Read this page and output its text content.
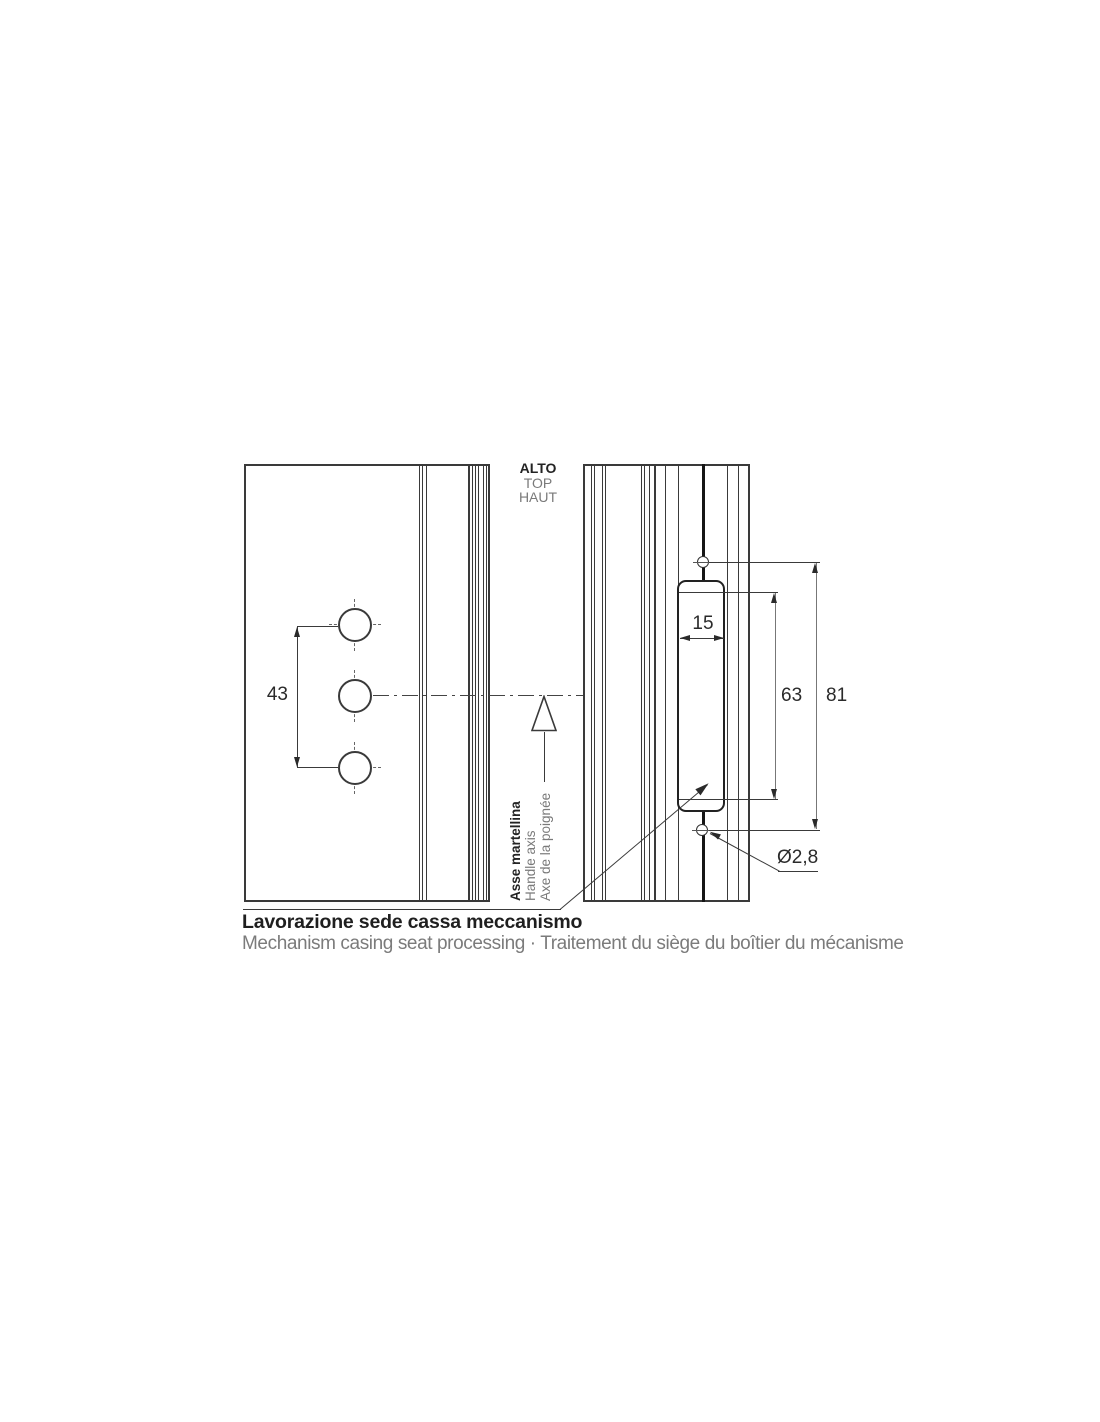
43
ALTO
TOP
HAUT
Asse martellina Handle axis Axe de la poignée
15
63 81
Ø2,8
Lavorazione sede cassa meccanismo
Mechanism casing seat processing · Traitement du siège du boîtier du mécanisme
